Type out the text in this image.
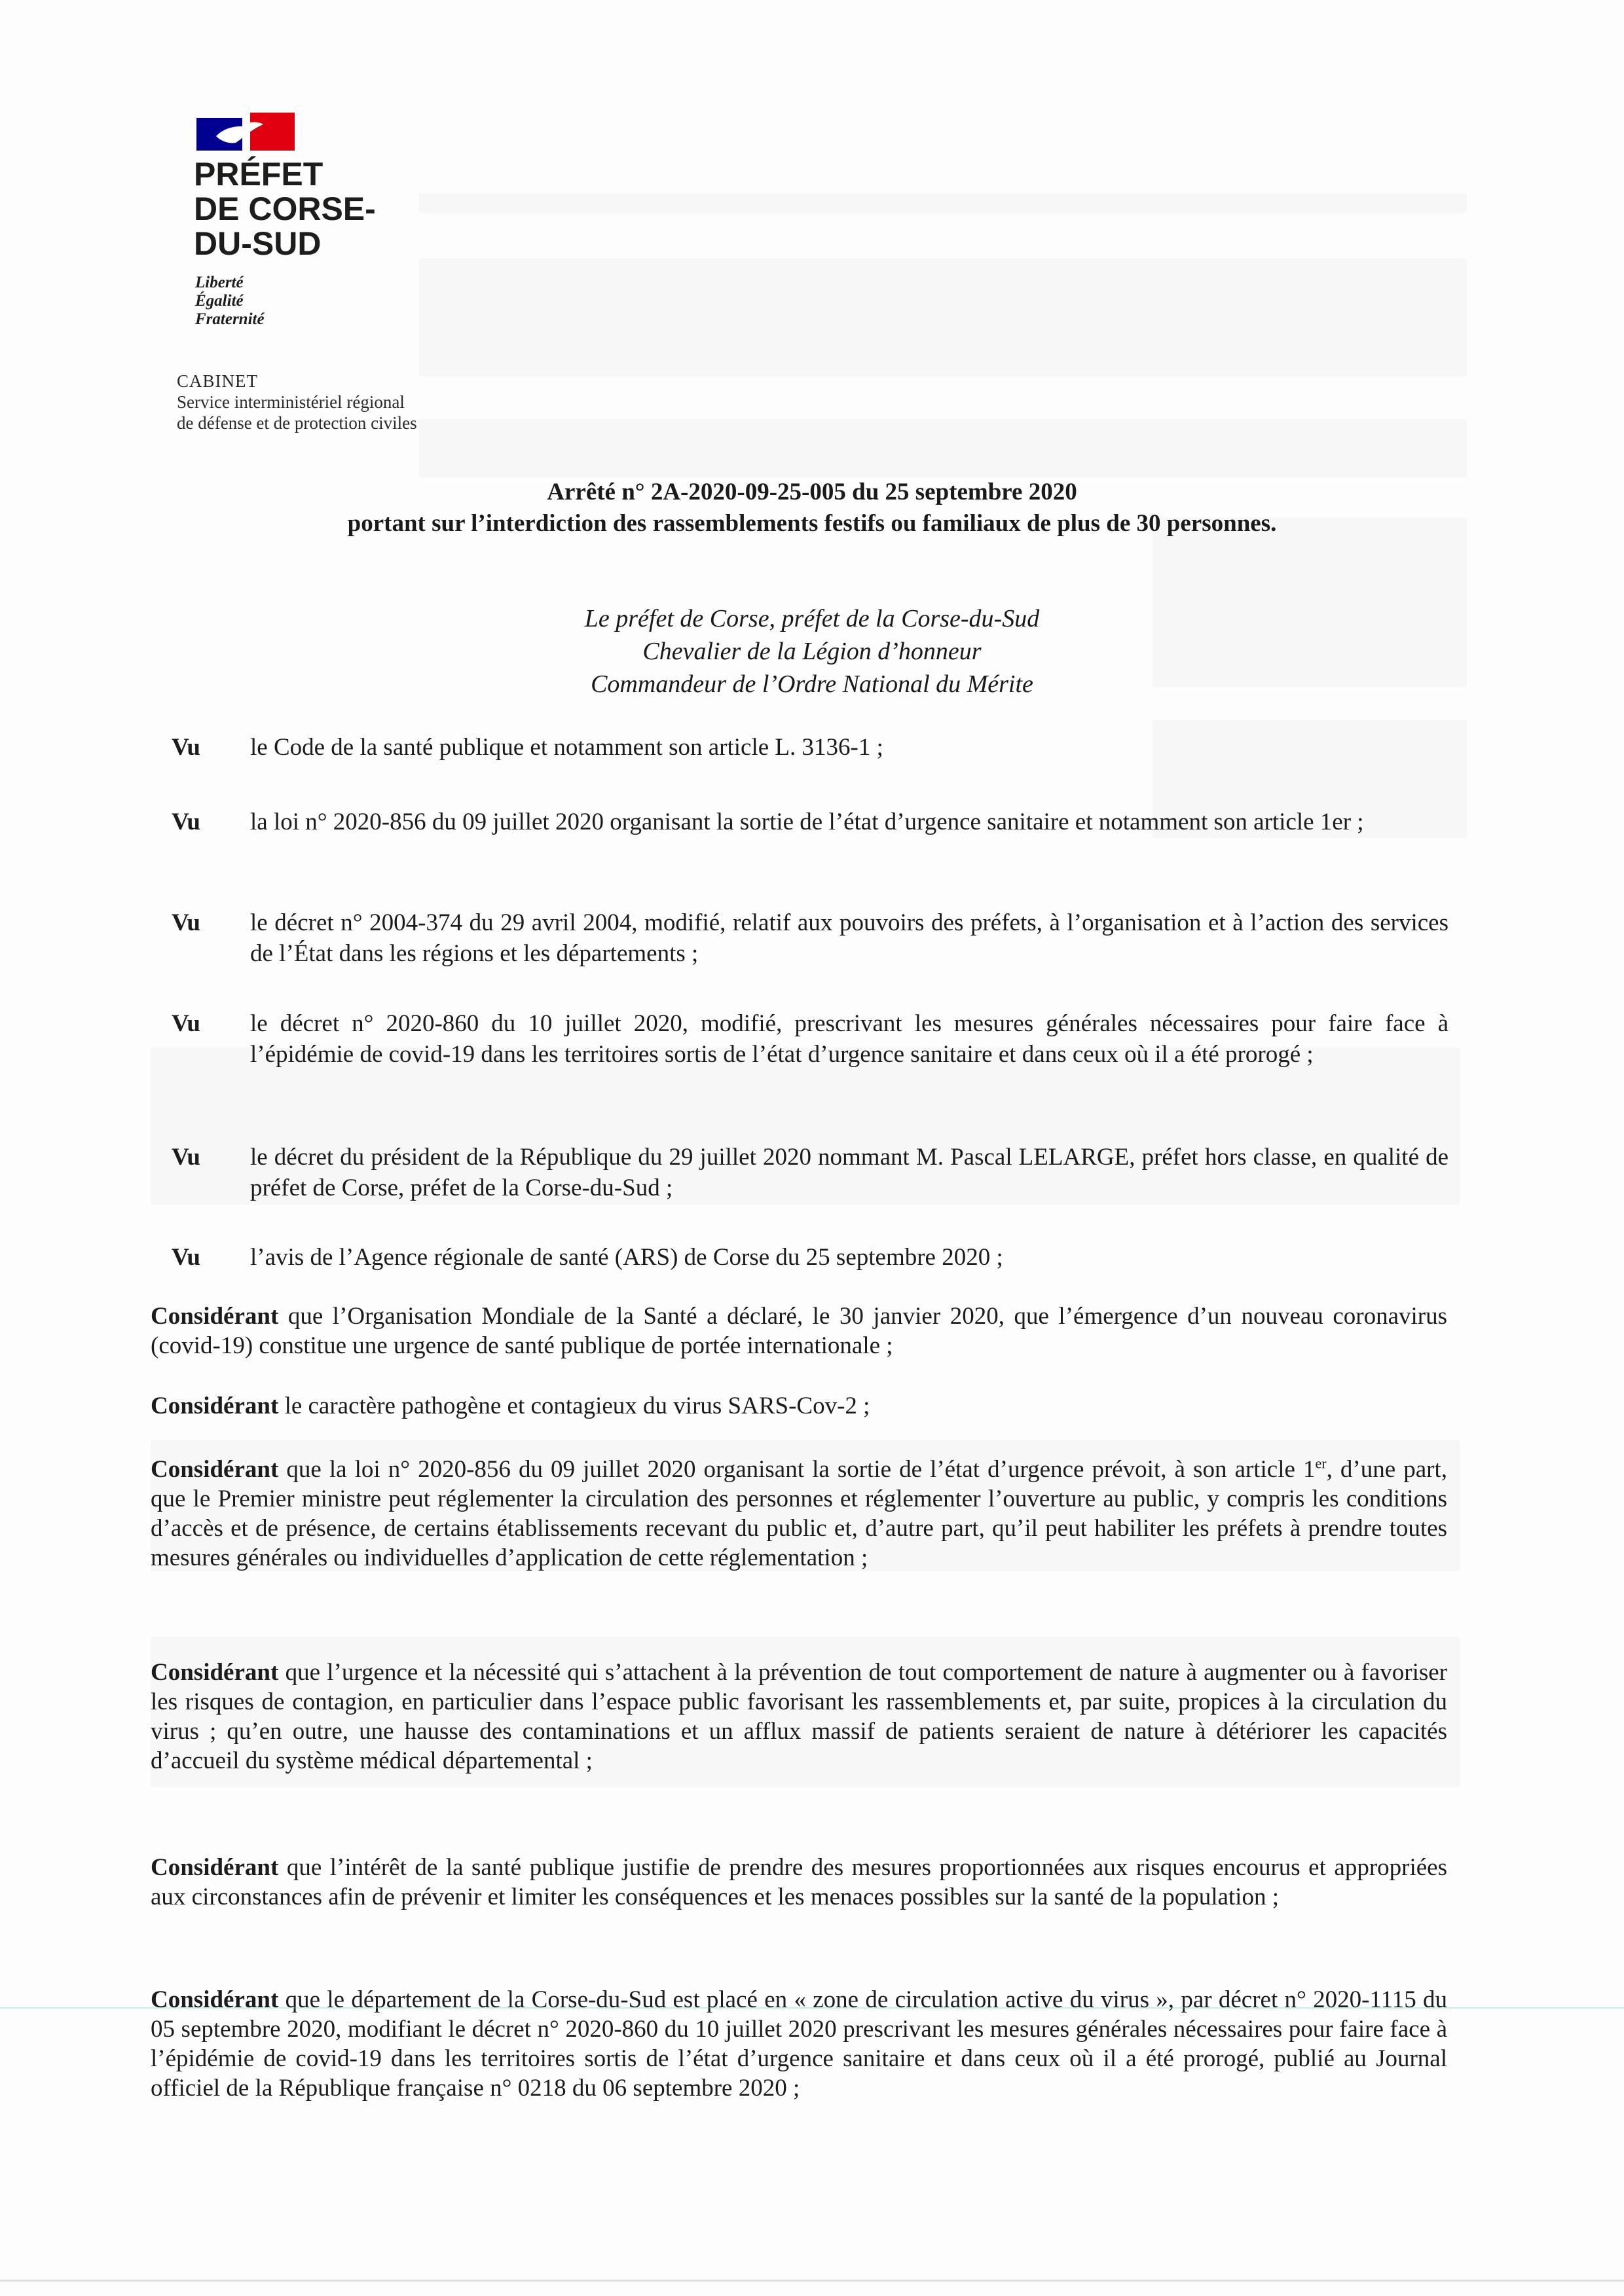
PRÉFET
DE CORSE-
DU-SUD
Liberté
Égalité
Fraternité
CABINET
Service interministériel régional
de défense et de protection civiles
Arrêté n° 2A-2020-09-25-005 du 25 septembre 2020
portant sur l’interdiction des rassemblements festifs ou familiaux de plus de 30 personnes.
Le préfet de Corse, préfet de la Corse-du-Sud
Chevalier de la Légion d’honneur
Commandeur de l’Ordre National du Mérite
Vu le Code de la santé publique et notamment son article L. 3136-1 ;
Vu la loi n° 2020-856 du 09 juillet 2020 organisant la sortie de l’état d’urgence sanitaire et notamment son article 1er ;
Vu le décret n° 2004-374 du 29 avril 2004, modifié, relatif aux pouvoirs des préfets, à l’organisation et à l’action des services de l’État dans les régions et les départements ;
Vu le décret n° 2020-860 du 10 juillet 2020, modifié, prescrivant les mesures générales nécessaires pour faire face à l’épidémie de covid-19 dans les territoires sortis de l’état d’urgence sanitaire et dans ceux où il a été prorogé ;
Vu le décret du président de la République du 29 juillet 2020 nommant M. Pascal LELARGE, préfet hors classe, en qualité de préfet de Corse, préfet de la Corse-du-Sud ;
Vu l’avis de l’Agence régionale de santé (ARS) de Corse du 25 septembre 2020 ;
Considérant que l’Organisation Mondiale de la Santé a déclaré, le 30 janvier 2020, que l’émergence d’un nouveau coronavirus (covid-19) constitue une urgence de santé publique de portée internationale ;
Considérant le caractère pathogène et contagieux du virus SARS-Cov-2 ;
Considérant que la loi n° 2020-856 du 09 juillet 2020 organisant la sortie de l’état d’urgence prévoit, à son article 1er, d’une part, que le Premier ministre peut réglementer la circulation des personnes et réglementer l’ouverture au public, y compris les conditions d’accès et de présence, de certains établissements recevant du public et, d’autre part, qu’il peut habiliter les préfets à prendre toutes mesures générales ou individuelles d’application de cette réglementation ;
Considérant que l’urgence et la nécessité qui s’attachent à la prévention de tout comportement de nature à augmenter ou à favoriser les risques de contagion, en particulier dans l’espace public favorisant les rassemblements et, par suite, propices à la circulation du virus ; qu’en outre, une hausse des contaminations et un afflux massif de patients seraient de nature à détériorer les capacités d’accueil du système médical départemental ;
Considérant que l’intérêt de la santé publique justifie de prendre des mesures proportionnées aux risques encourus et appropriées aux circonstances afin de prévenir et limiter les conséquences et les menaces possibles sur la santé de la population ;
Considérant que le département de la Corse-du-Sud est placé en « zone de circulation active du virus », par décret n° 2020-1115 du 05 septembre 2020, modifiant le décret n° 2020-860 du 10 juillet 2020 prescrivant les mesures générales nécessaires pour faire face à l’épidémie de covid-19 dans les territoires sortis de l’état d’urgence sanitaire et dans ceux où il a été prorogé, publié au Journal officiel de la République française n° 0218 du 06 septembre 2020 ;
